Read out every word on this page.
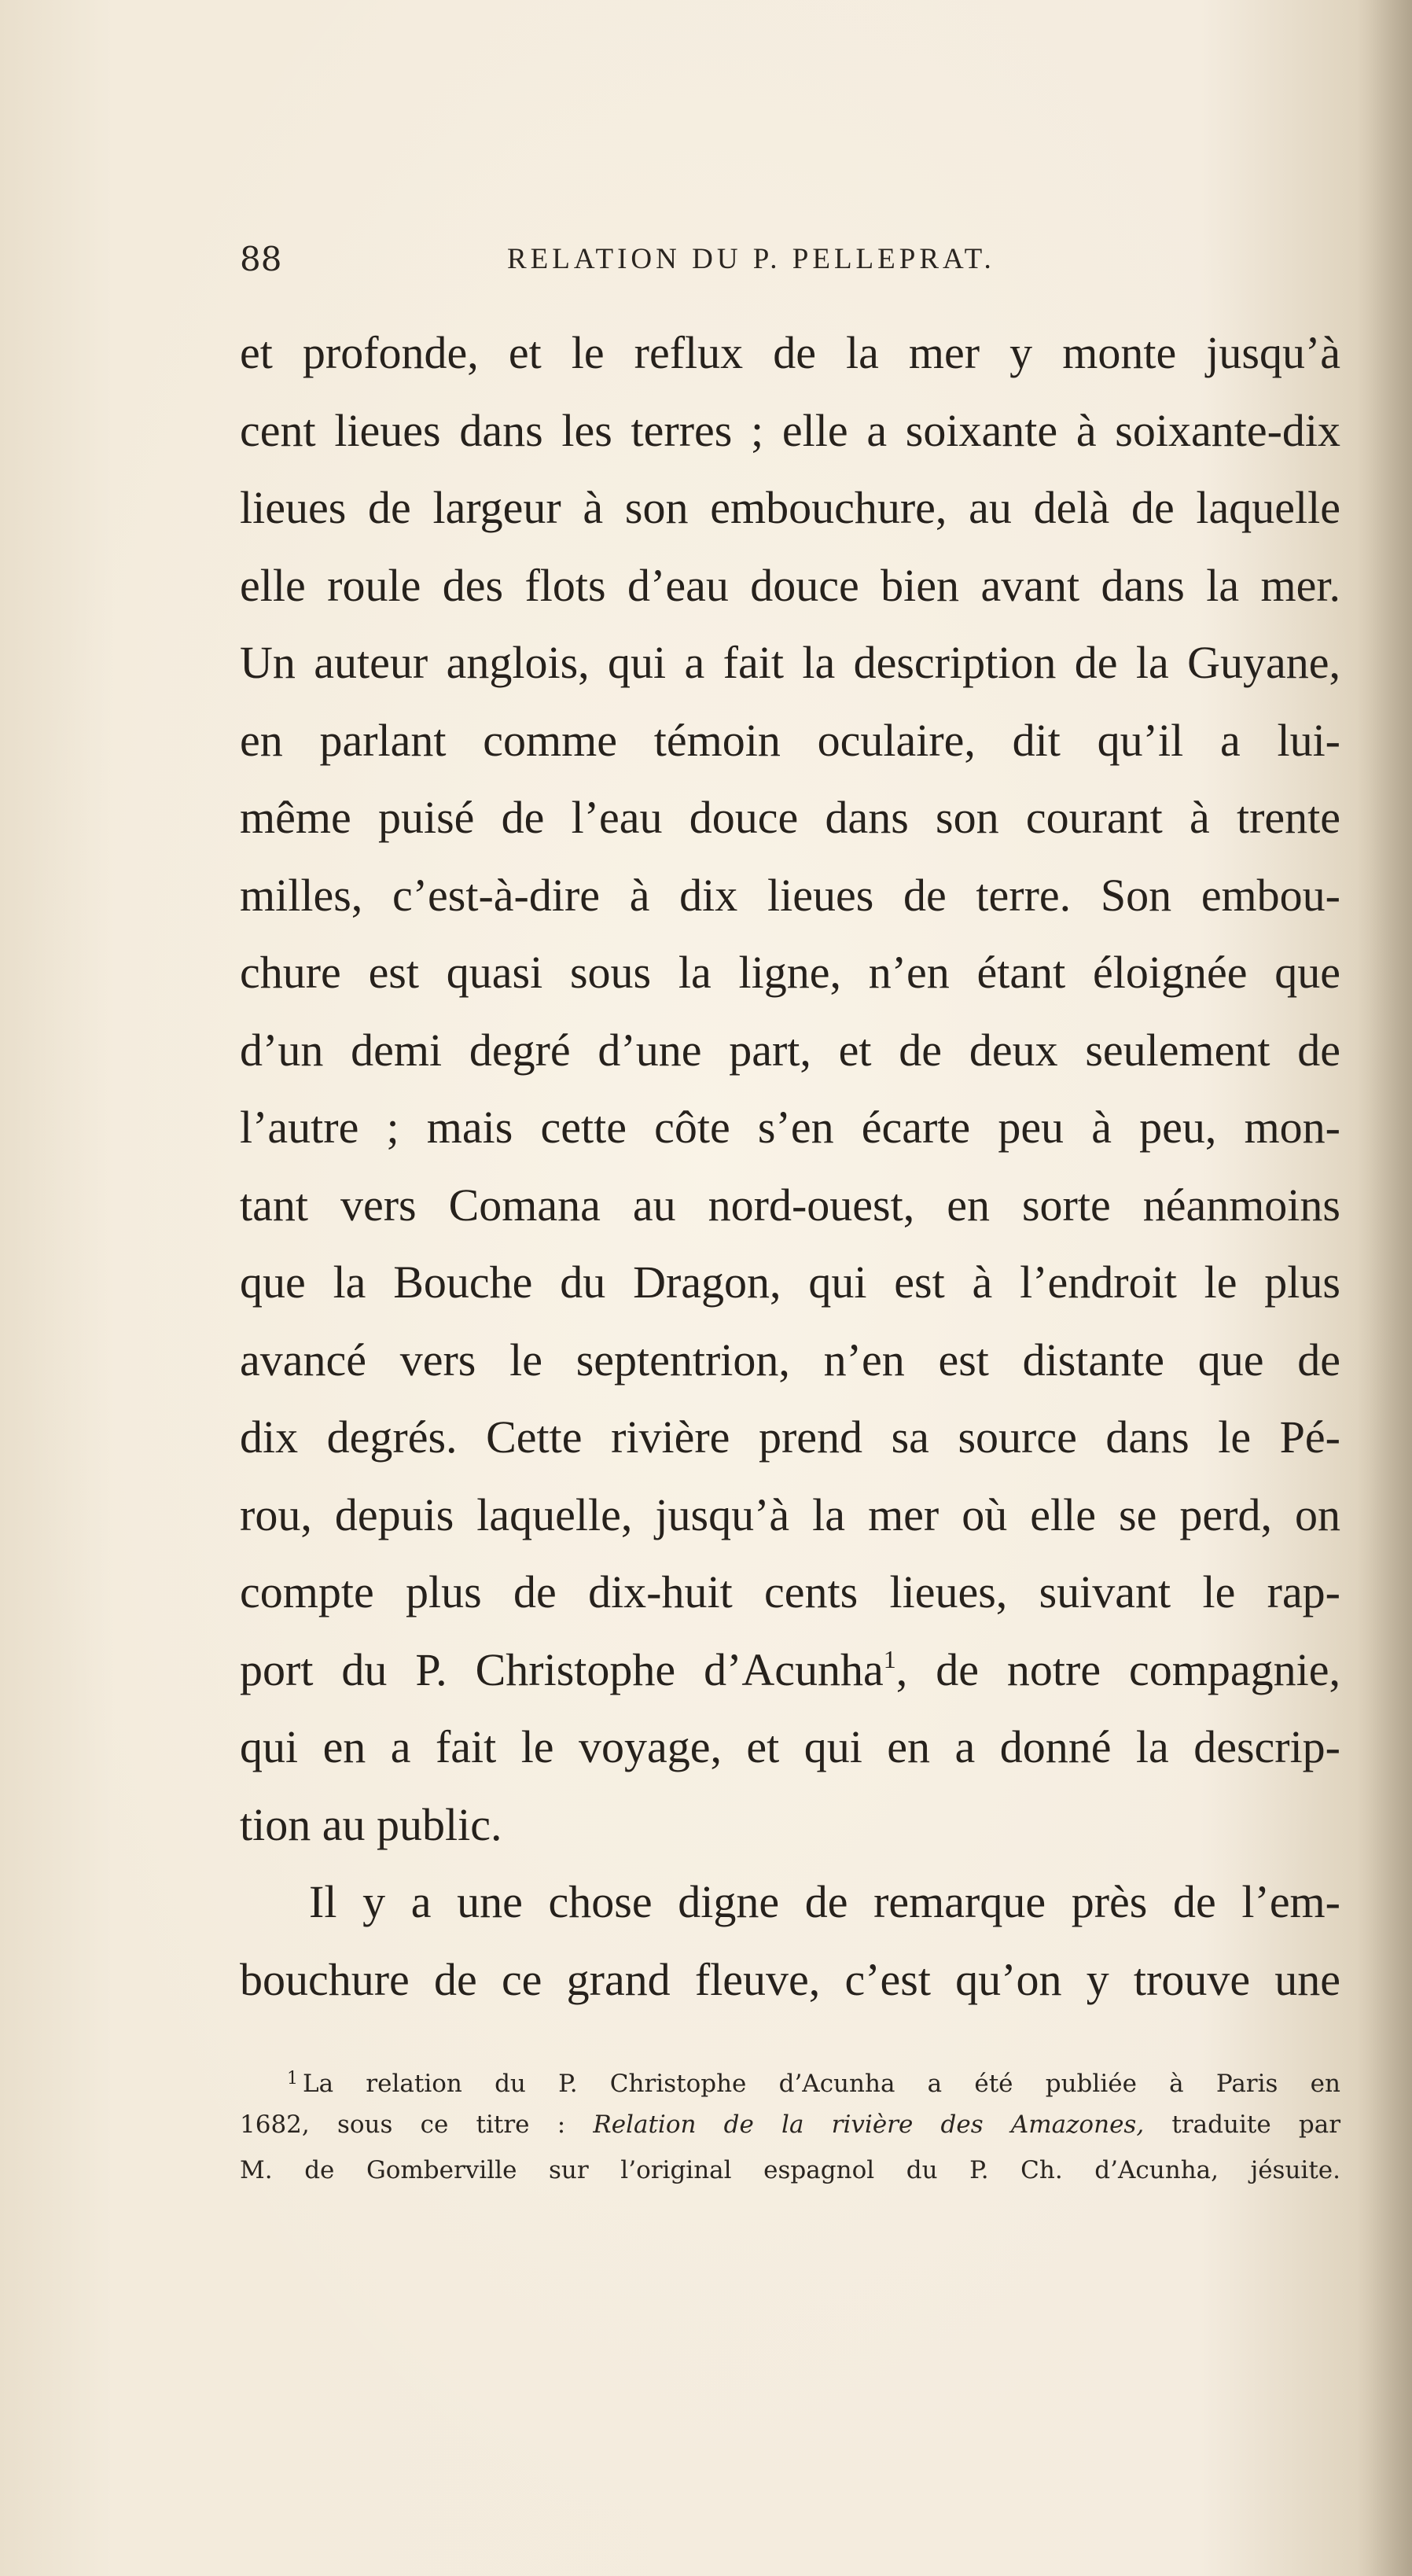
88	RELATION DU P. PELLEPRAT.
et profonde, et le reflux de la mer y monte jusqu’à
cent lieues dans les terres ; elle a soixante à soixante-dix
lieues de largeur à son embouchure, au delà de laquelle
elle roule des flots d’eau douce bien avant dans la mer.
Un auteur anglois, qui a fait la description de la Guyane,
en parlant comme témoin oculaire, dit qu’il a lui-
même puisé de l’eau douce dans son courant à trente
milles, c’est-à-dire à dix lieues de terre. Son embou-
chure est quasi sous la ligne, n’en étant éloignée que
d’un demi degré d’une part, et de deux seulement de
l’autre ; mais cette côte s’en écarte peu à peu, mon-
tant vers Comana au nord-ouest, en sorte néanmoins
que la Bouche du Dragon, qui est à l’endroit le plus
avancé vers le septentrion, n’en est distante que de
dix degrés. Cette rivière prend sa source dans le Pé-
rou, depuis laquelle, jusqu’à la mer où elle se perd, on
compte plus de dix-huit cents lieues, suivant le rap-
port du P. Christophe d’Acunha$^1$, de notre compagnie,
qui en a fait le voyage, et qui en a donné la descrip-
tion au public.
Il y a une chose digne de remarque près de l’em-
bouchure de ce grand fleuve, c’est qu’on y trouve une
$^1$ La relation du P. Christophe d’Acunha a été publiée à Paris en
1682, sous ce titre : Relation de la rivière des Amazones, traduite par
M. de Gomberville sur l’original espagnol du P. Ch. d’Acunha, jésuite.
